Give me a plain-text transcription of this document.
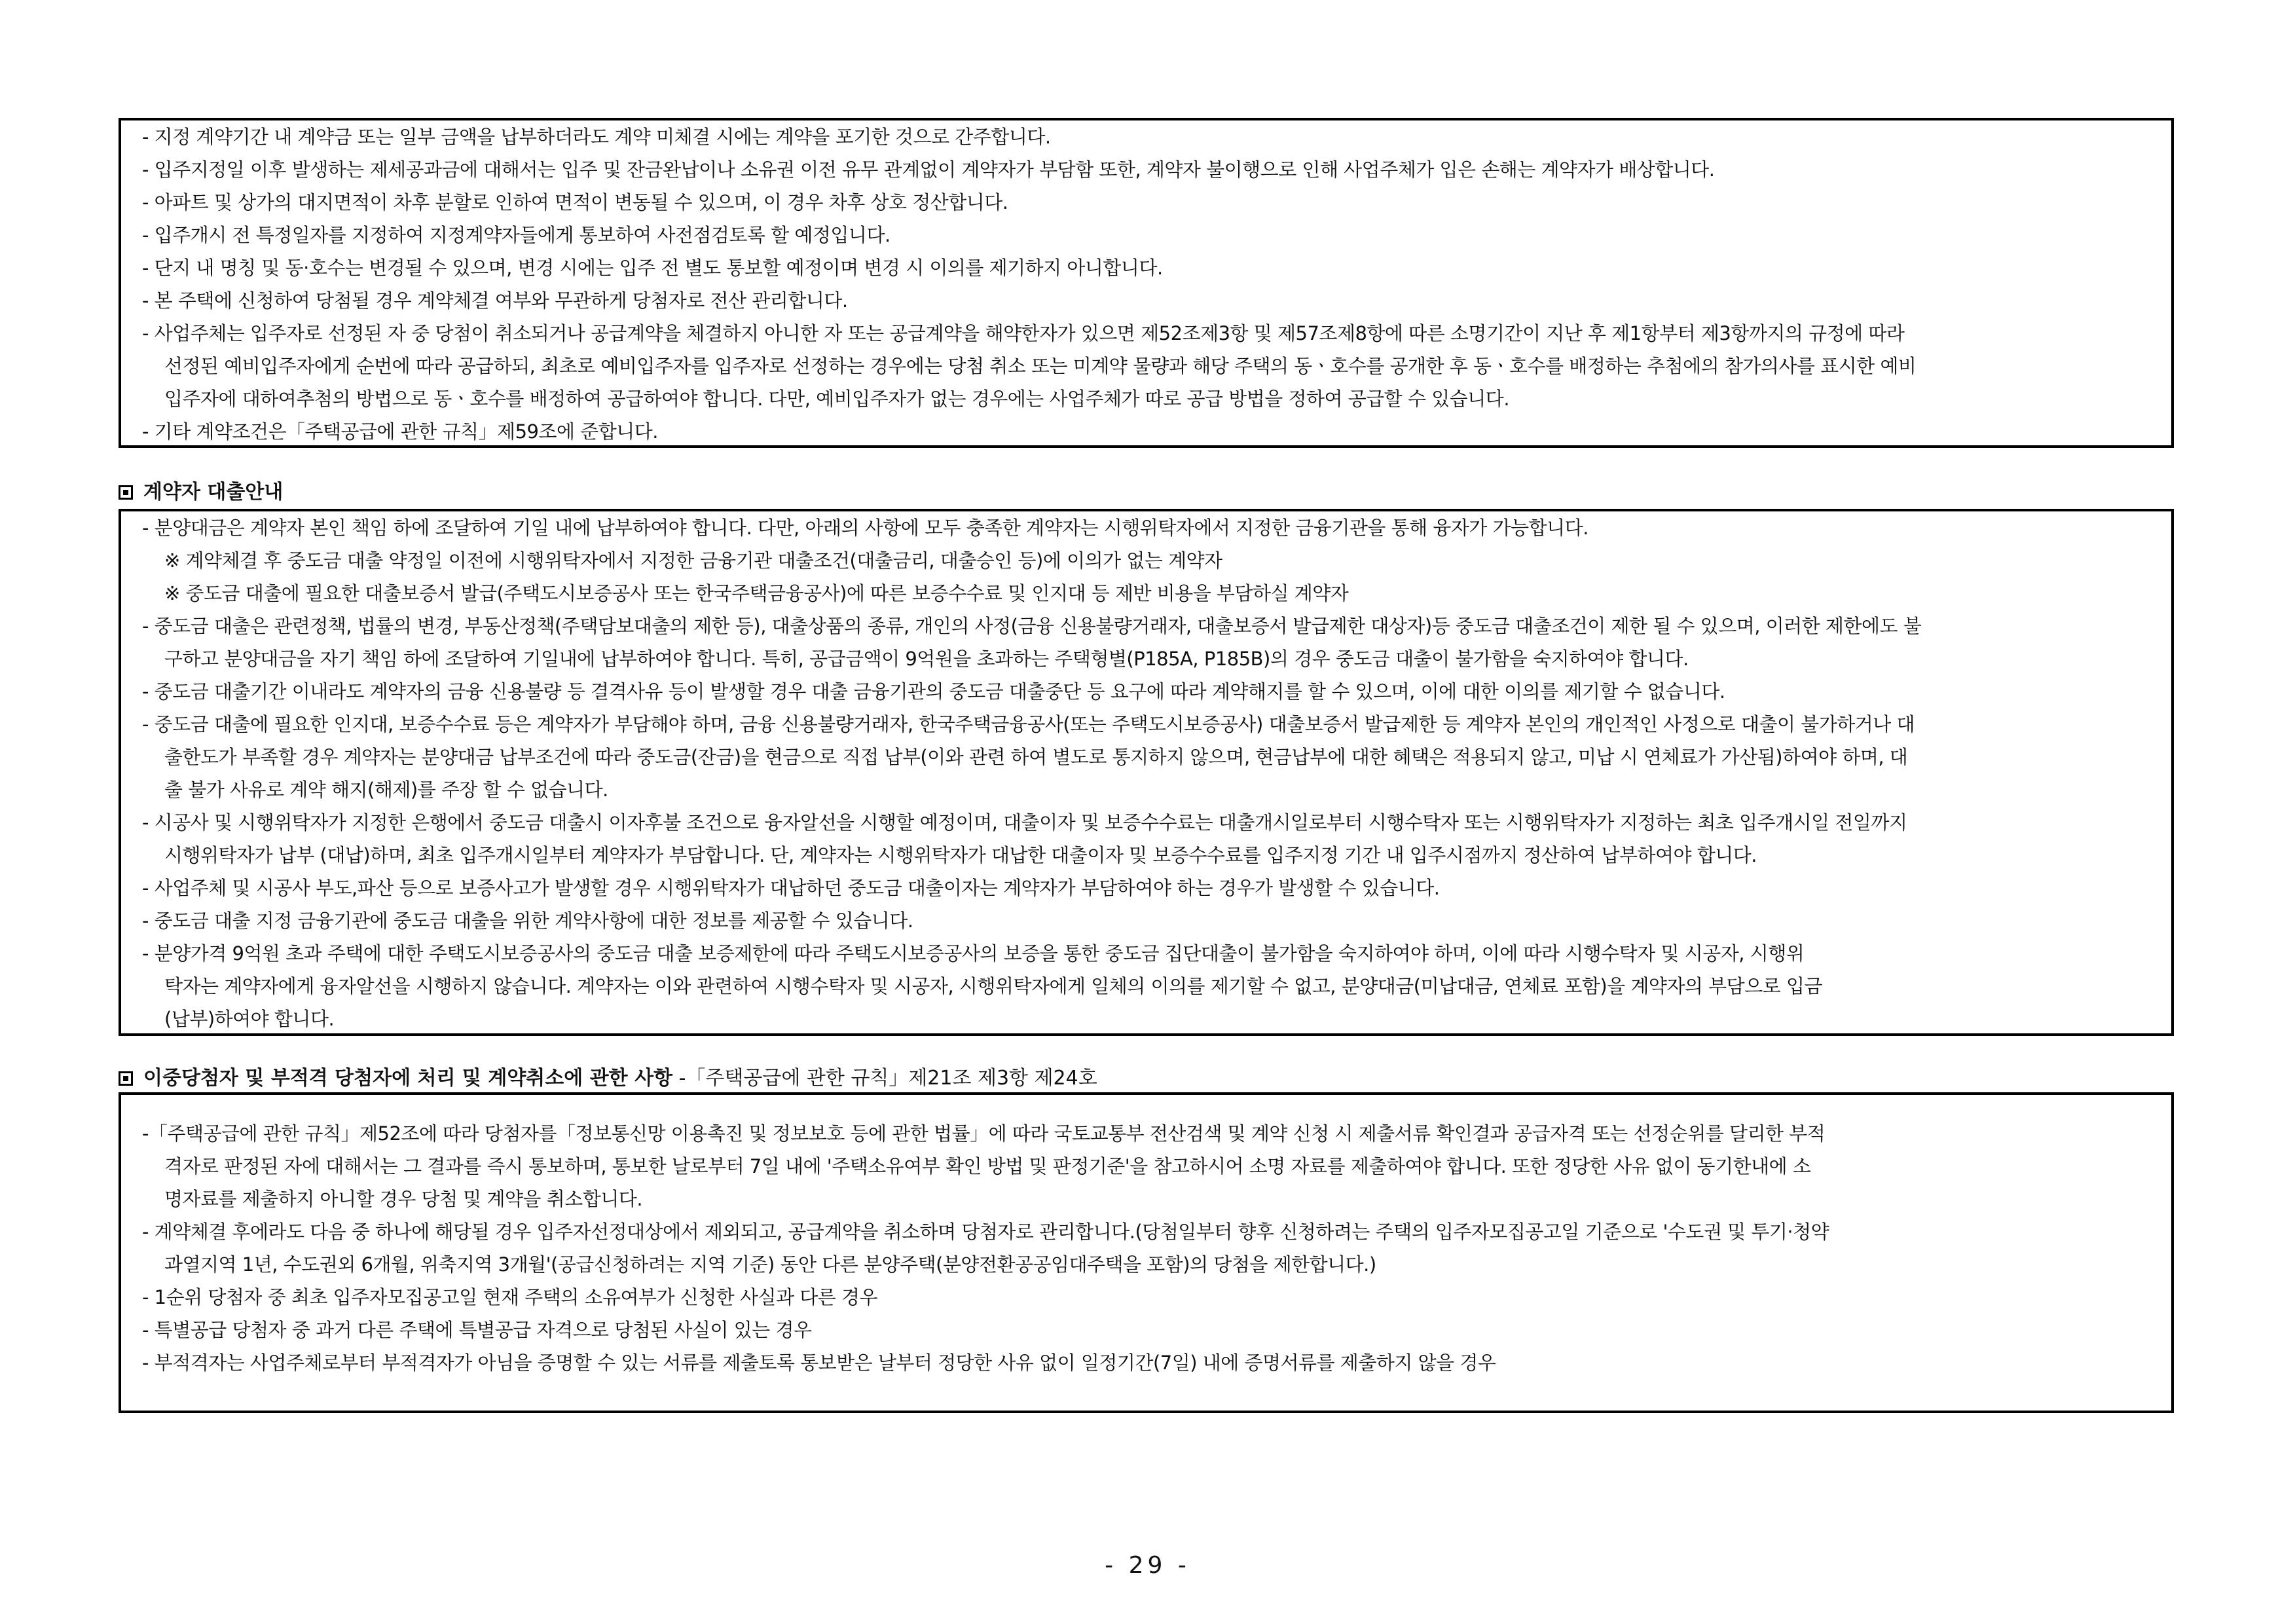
- 지정 계약기간 내 계약금 또는 일부 금액을 납부하더라도 계약 미체결 시에는 계약을 포기한 것으로 간주합니다.
- 입주지정일 이후 발생하는 제세공과금에 대해서는 입주 및 잔금완납이나 소유권 이전 유무 관계없이 계약자가 부담함 또한, 계약자 불이행으로 인해 사업주체가 입은 손해는 계약자가 배상합니다.
- 아파트 및 상가의 대지면적이 차후 분할로 인하여 면적이 변동될 수 있으며, 이 경우 차후 상호 정산합니다.
- 입주개시 전 특정일자를 지정하여 지정계약자들에게 통보하여 사전점검토록 할 예정입니다.
- 단지 내 명칭 및 동·호수는 변경될 수 있으며, 변경 시에는 입주 전 별도 통보할 예정이며 변경 시 이의를 제기하지 아니합니다.
- 본 주택에 신청하여 당첨될 경우 계약체결 여부와 무관하게 당첨자로 전산 관리합니다.
- 사업주체는 입주자로 선정된 자 중 당첨이 취소되거나 공급계약을 체결하지 아니한 자 또는 공급계약을 해약한자가 있으면 제52조제3항 및 제57조제8항에 따른 소명기간이 지난 후 제1항부터 제3항까지의 규정에 따라
선정된 예비입주자에게 순번에 따라 공급하되, 최초로 예비입주자를 입주자로 선정하는 경우에는 당첨 취소 또는 미계약 물량과 해당 주택의 동ㆍ호수를 공개한 후 동ㆍ호수를 배정하는 추첨에의 참가의사를 표시한 예비
입주자에 대하여추첨의 방법으로 동ㆍ호수를 배정하여 공급하여야 합니다. 다만, 예비입주자가 없는 경우에는 사업주체가 따로 공급 방법을 정하여 공급할 수 있습니다.
- 기타 계약조건은「주택공급에 관한 규칙」제59조에 준합니다.
계약자 대출안내
- 분양대금은 계약자 본인 책임 하에 조달하여 기일 내에 납부하여야 합니다. 다만, 아래의 사항에 모두 충족한 계약자는 시행위탁자에서 지정한 금융기관을 통해 융자가 가능합니다.
※ 계약체결 후 중도금 대출 약정일 이전에 시행위탁자에서 지정한 금융기관 대출조건(대출금리, 대출승인 등)에 이의가 없는 계약자
※ 중도금 대출에 필요한 대출보증서 발급(주택도시보증공사 또는 한국주택금융공사)에 따른 보증수수료 및 인지대 등 제반 비용을 부담하실 계약자
- 중도금 대출은 관련정책, 법률의 변경, 부동산정책(주택담보대출의 제한 등), 대출상품의 종류, 개인의 사정(금융 신용불량거래자, 대출보증서 발급제한 대상자)등 중도금 대출조건이 제한 될 수 있으며, 이러한 제한에도 불
구하고 분양대금을 자기 책임 하에 조달하여 기일내에 납부하여야 합니다. 특히, 공급금액이 9억원을 초과하는 주택형별(P185A, P185B)의 경우 중도금 대출이 불가함을 숙지하여야 합니다.
- 중도금 대출기간 이내라도 계약자의 금융 신용불량 등 결격사유 등이 발생할 경우 대출 금융기관의 중도금 대출중단 등 요구에 따라 계약해지를 할 수 있으며, 이에 대한 이의를 제기할 수 없습니다.
- 중도금 대출에 필요한 인지대, 보증수수료 등은 계약자가 부담해야 하며, 금융 신용불량거래자, 한국주택금융공사(또는 주택도시보증공사) 대출보증서 발급제한 등 계약자 본인의 개인적인 사정으로 대출이 불가하거나 대
출한도가 부족할 경우 계약자는 분양대금 납부조건에 따라 중도금(잔금)을 현금으로 직접 납부(이와 관련 하여 별도로 통지하지 않으며, 현금납부에 대한 혜택은 적용되지 않고, 미납 시 연체료가 가산됨)하여야 하며, 대
출 불가 사유로 계약 해지(해제)를 주장 할 수 없습니다.
- 시공사 및 시행위탁자가 지정한 은행에서 중도금 대출시 이자후불 조건으로 융자알선을 시행할 예정이며, 대출이자 및 보증수수료는 대출개시일로부터 시행수탁자 또는 시행위탁자가 지정하는 최초 입주개시일 전일까지
시행위탁자가 납부 (대납)하며, 최초 입주개시일부터 계약자가 부담합니다. 단, 계약자는 시행위탁자가 대납한 대출이자 및 보증수수료를 입주지정 기간 내 입주시점까지 정산하여 납부하여야 합니다.
- 사업주체 및 시공사 부도,파산 등으로 보증사고가 발생할 경우 시행위탁자가 대납하던 중도금 대출이자는 계약자가 부담하여야 하는 경우가 발생할 수 있습니다.
- 중도금 대출 지정 금융기관에 중도금 대출을 위한 계약사항에 대한 정보를 제공할 수 있습니다.
- 분양가격 9억원 초과 주택에 대한 주택도시보증공사의 중도금 대출 보증제한에 따라 주택도시보증공사의 보증을 통한 중도금 집단대출이 불가함을 숙지하여야 하며, 이에 따라 시행수탁자 및 시공자, 시행위
탁자는 계약자에게 융자알선을 시행하지 않습니다. 계약자는 이와 관련하여 시행수탁자 및 시공자, 시행위탁자에게 일체의 이의를 제기할 수 없고, 분양대금(미납대금, 연체료 포함)을 계약자의 부담으로 입금
(납부)하여야 합니다.
이중당첨자 및 부적격 당첨자에 처리 및 계약취소에 관한 사항 -「주택공급에 관한 규칙」제21조 제3항 제24호
-「주택공급에 관한 규칙」제52조에 따라 당첨자를「정보통신망 이용촉진 및 정보보호 등에 관한 법률」에 따라 국토교통부 전산검색 및 계약 신청 시 제출서류 확인결과 공급자격 또는 선정순위를 달리한 부적
격자로 판정된 자에 대해서는 그 결과를 즉시 통보하며, 통보한 날로부터 7일 내에 '주택소유여부 확인 방법 및 판정기준'을 참고하시어 소명 자료를 제출하여야 합니다. 또한 정당한 사유 없이 동기한내에 소
명자료를 제출하지 아니할 경우 당첨 및 계약을 취소합니다.
- 계약체결 후에라도 다음 중 하나에 해당될 경우 입주자선정대상에서 제외되고, 공급계약을 취소하며 당첨자로 관리합니다.(당첨일부터 향후 신청하려는 주택의 입주자모집공고일 기준으로 '수도권 및 투기·청약
과열지역 1년, 수도권외 6개월, 위축지역 3개월'(공급신청하려는 지역 기준) 동안 다른 분양주택(분양전환공공임대주택을 포함)의 당첨을 제한합니다.)
- 1순위 당첨자 중 최초 입주자모집공고일 현재 주택의 소유여부가 신청한 사실과 다른 경우
- 특별공급 당첨자 중 과거 다른 주택에 특별공급 자격으로 당첨된 사실이 있는 경우
- 부적격자는 사업주체로부터 부적격자가 아님을 증명할 수 있는 서류를 제출토록 통보받은 날부터 정당한 사유 없이 일정기간(7일) 내에 증명서류를 제출하지 않을 경우
- 29 -
